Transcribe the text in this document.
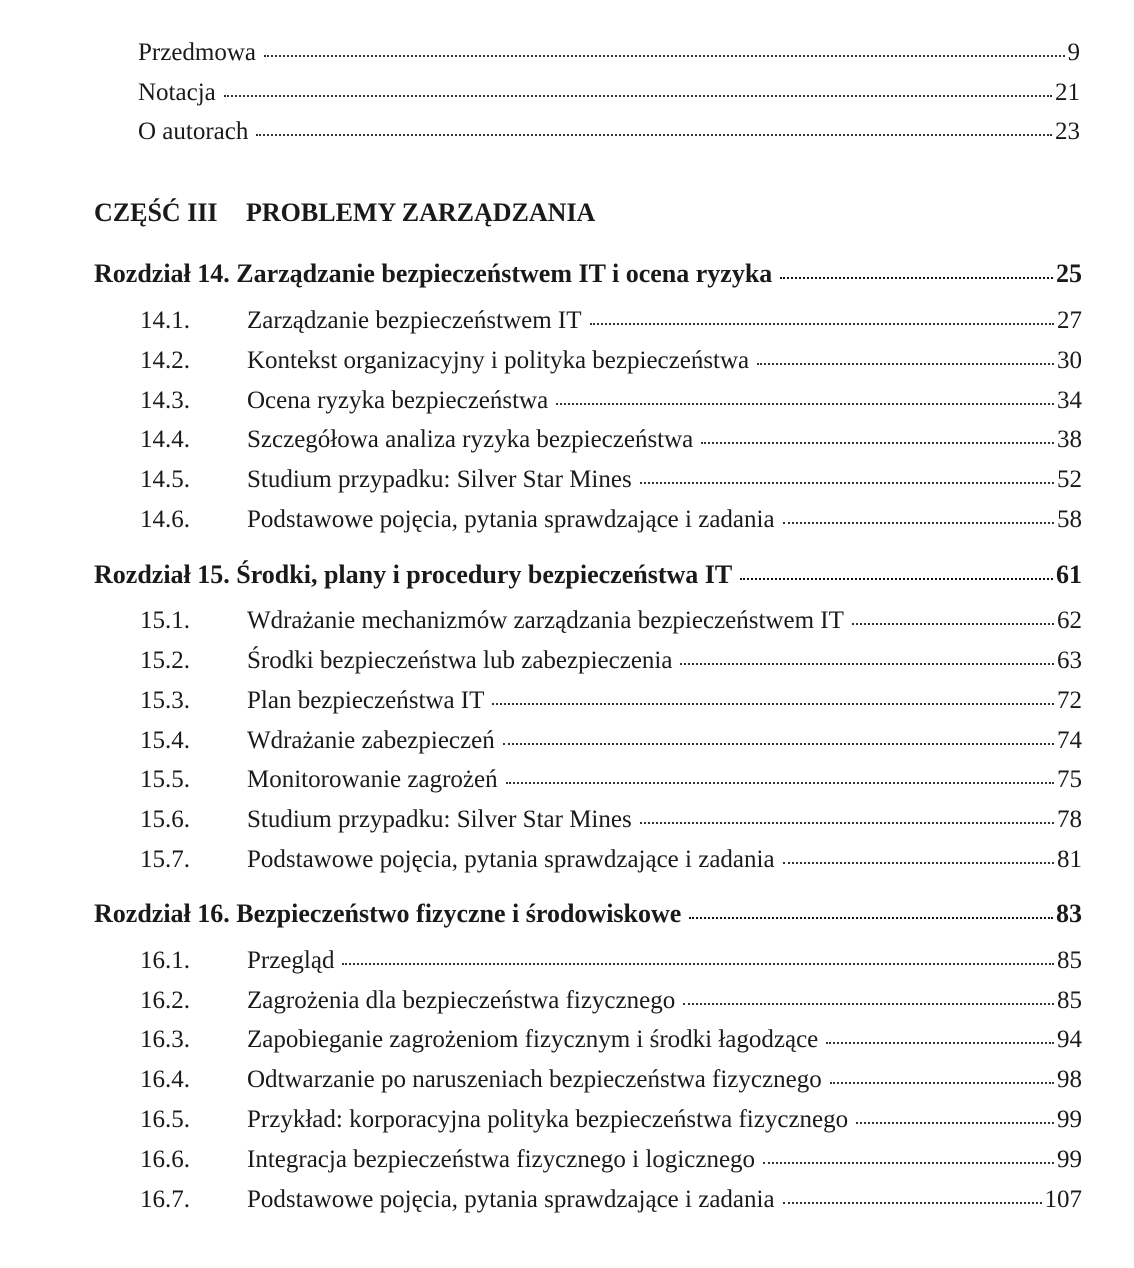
Przedmowa	9
Notacja	21
O autorach	23
CZĘŚĆ III PROBLEMY ZARZĄDZANIA
Rozdział 14. Zarządzanie bezpieczeństwem IT i ocena ryzyka	25
14.1. Zarządzanie bezpieczeństwem IT	27
14.2. Kontekst organizacyjny i polityka bezpieczeństwa	30
14.3. Ocena ryzyka bezpieczeństwa	34
14.4. Szczegółowa analiza ryzyka bezpieczeństwa	38
14.5. Studium przypadku: Silver Star Mines	52
14.6. Podstawowe pojęcia, pytania sprawdzające i zadania	58
Rozdział 15. Środki, plany i procedury bezpieczeństwa IT	61
15.1. Wdrażanie mechanizmów zarządzania bezpieczeństwem IT	62
15.2. Środki bezpieczeństwa lub zabezpieczenia	63
15.3. Plan bezpieczeństwa IT	72
15.4. Wdrażanie zabezpieczeń	74
15.5. Monitorowanie zagrożeń	75
15.6. Studium przypadku: Silver Star Mines	78
15.7. Podstawowe pojęcia, pytania sprawdzające i zadania	81
Rozdział 16. Bezpieczeństwo fizyczne i środowiskowe	83
16.1. Przegląd	85
16.2. Zagrożenia dla bezpieczeństwa fizycznego	85
16.3. Zapobieganie zagrożeniom fizycznym i środki łagodzące	94
16.4. Odtwarzanie po naruszeniach bezpieczeństwa fizycznego	98
16.5. Przykład: korporacyjna polityka bezpieczeństwa fizycznego	99
16.6. Integracja bezpieczeństwa fizycznego i logicznego	99
16.7. Podstawowe pojęcia, pytania sprawdzające i zadania	107
